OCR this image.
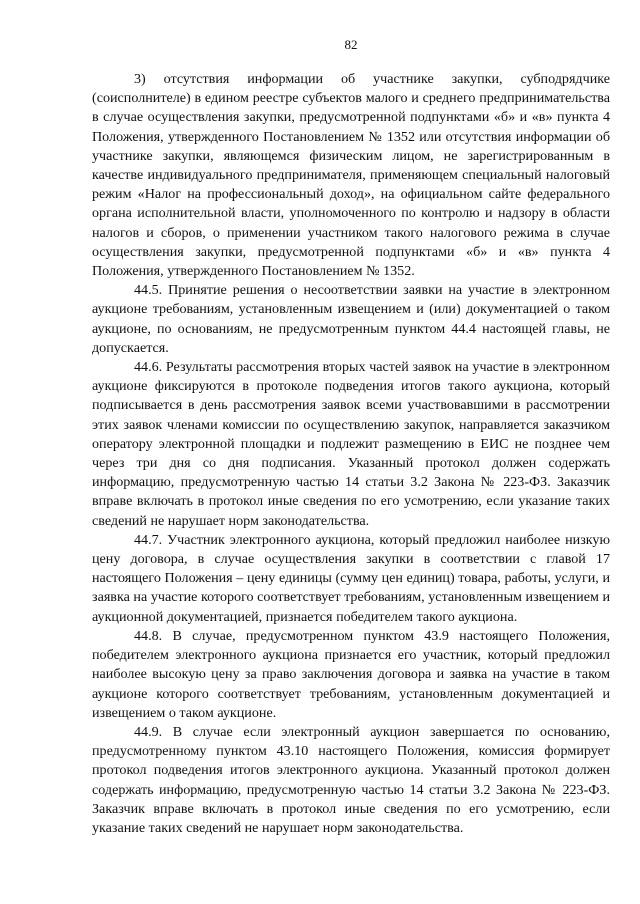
82

3) отсутствия информации об участнике закупки, субподрядчике (соисполнителе) в едином реестре субъектов малого и среднего предпринимательства в случае осуществления закупки, предусмотренной подпунктами «б» и «в» пункта 4 Положения, утвержденного Постановлением № 1352 или отсутствия информации об участнике закупки, являющемся физическим лицом, не зарегистрированным в качестве индивидуального предпринимателя, применяющем специальный налоговый режим «Налог на профессиональный доход», на официальном сайте федерального органа исполнительной власти, уполномоченного по контролю и надзору в области налогов и сборов, о применении участником такого налогового режима в случае осуществления закупки, предусмотренной подпунктами «б» и «в» пункта 4 Положения, утвержденного Постановлением № 1352.

44.5. Принятие решения о несоответствии заявки на участие в электронном аукционе требованиям, установленным извещением и (или) документацией о таком аукционе, по основаниям, не предусмотренным пунктом 44.4 настоящей главы, не допускается.

44.6. Результаты рассмотрения вторых частей заявок на участие в электронном аукционе фиксируются в протоколе подведения итогов такого аукциона, который подписывается в день рассмотрения заявок всеми участвовавшими в рассмотрении этих заявок членами комиссии по осуществлению закупок, направляется заказчиком оператору электронной площадки и подлежит размещению в ЕИС не позднее чем через три дня со дня подписания. Указанный протокол должен содержать информацию, предусмотренную частью 14 статьи 3.2 Закона № 223-ФЗ. Заказчик вправе включать в протокол иные сведения по его усмотрению, если указание таких сведений не нарушает норм законодательства.

44.7. Участник электронного аукциона, который предложил наиболее низкую цену договора, в случае осуществления закупки в соответствии с главой 17 настоящего Положения – цену единицы (сумму цен единиц) товара, работы, услуги, и заявка на участие которого соответствует требованиям, установленным извещением и аукционной документацией, признается победителем такого аукциона.

44.8. В случае, предусмотренном пунктом 43.9 настоящего Положения, победителем электронного аукциона признается его участник, который предложил наиболее высокую цену за право заключения договора и заявка на участие в таком аукционе которого соответствует требованиям, установленным документацией и извещением о таком аукционе.

44.9. В случае если электронный аукцион завершается по основанию, предусмотренному пунктом 43.10 настоящего Положения, комиссия формирует протокол подведения итогов электронного аукциона. Указанный протокол должен содержать информацию, предусмотренную частью 14 статьи 3.2 Закона № 223-ФЗ. Заказчик вправе включать в протокол иные сведения по его усмотрению, если указание таких сведений не нарушает норм законодательства.
